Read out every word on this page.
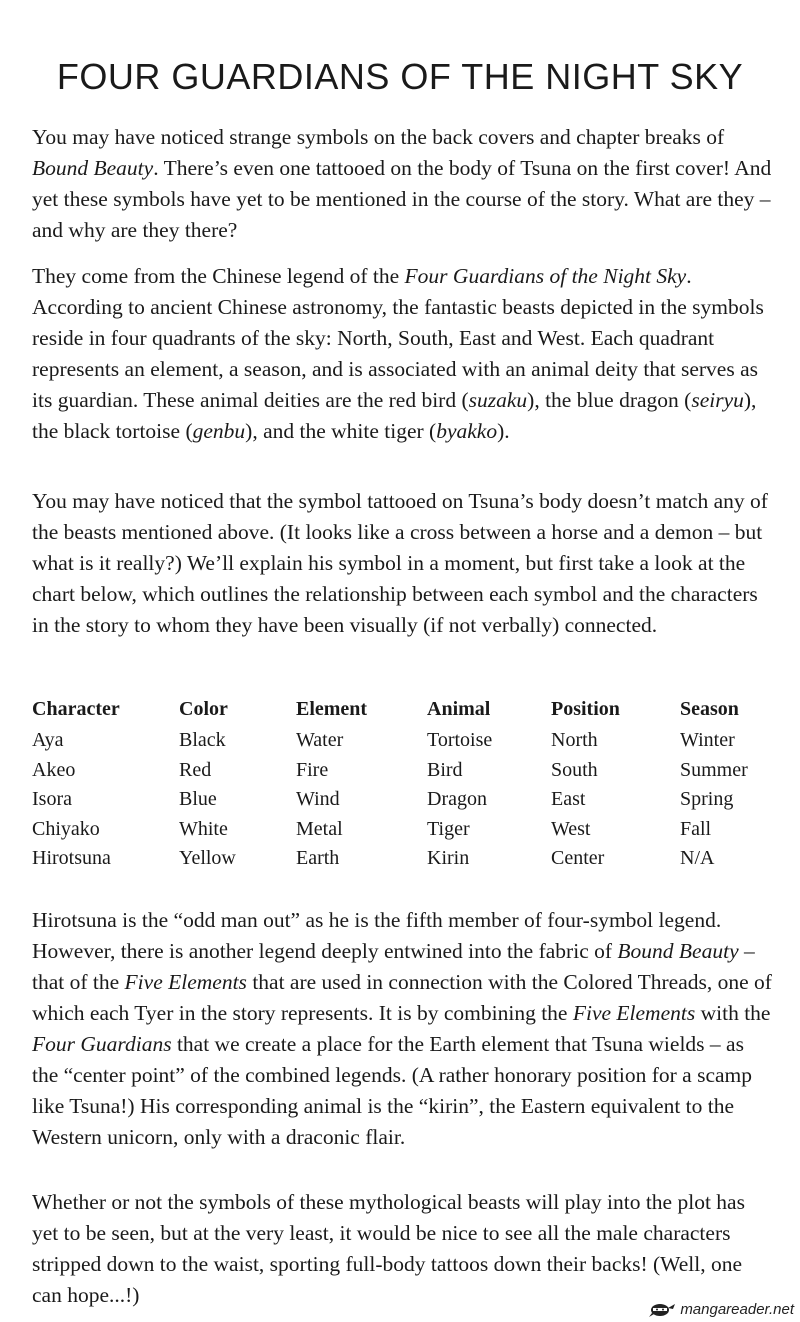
FOUR GUARDIANS OF THE NIGHT SKY

You may have noticed strange symbols on the back covers and chapter breaks of Bound Beauty. There’s even one tattooed on the body of Tsuna on the first cover! And yet these symbols have yet to be mentioned in the course of the story. What are they – and why are they there?

They come from the Chinese legend of the Four Guardians of the Night Sky. According to ancient Chinese astronomy, the fantastic beasts depicted in the symbols reside in four quadrants of the sky: North, South, East and West. Each quadrant represents an element, a season, and is associated with an animal deity that serves as its guardian. These animal deities are the red bird (suzaku), the blue dragon (seiryu), the black tortoise (genbu), and the white tiger (byakko).

You may have noticed that the symbol tattooed on Tsuna’s body doesn’t match any of the beasts mentioned above. (It looks like a cross between a horse and a demon – but what is it really?) We’ll explain his symbol in a moment, but first take a look at the chart below, which outlines the relationship between each symbol and the characters in the story to whom they have been visually (if not verbally) connected.

Character	Color	Element	Animal	Position	Season
Aya	Black	Water	Tortoise	North	Winter
Akeo	Red	Fire	Bird	South	Summer
Isora	Blue	Wind	Dragon	East	Spring
Chiyako	White	Metal	Tiger	West	Fall
Hirotsuna	Yellow	Earth	Kirin	Center	N/A

Hirotsuna is the “odd man out” as he is the fifth member of four-symbol legend. However, there is another legend deeply entwined into the fabric of Bound Beauty – that of the Five Elements that are used in connection with the Colored Threads, one of which each Tyer in the story represents. It is by combining the Five Elements with the Four Guardians that we create a place for the Earth element that Tsuna wields – as the “center point” of the combined legends. (A rather honorary position for a scamp like Tsuna!) His corresponding animal is the “kirin”, the Eastern equivalent to the Western unicorn, only with a draconic flair.

Whether or not the symbols of these mythological beasts will play into the plot has yet to be seen, but at the very least, it would be nice to see all the male characters stripped down to the waist, sporting full-body tattoos down their backs! (Well, one can hope...!)

mangareader.net
